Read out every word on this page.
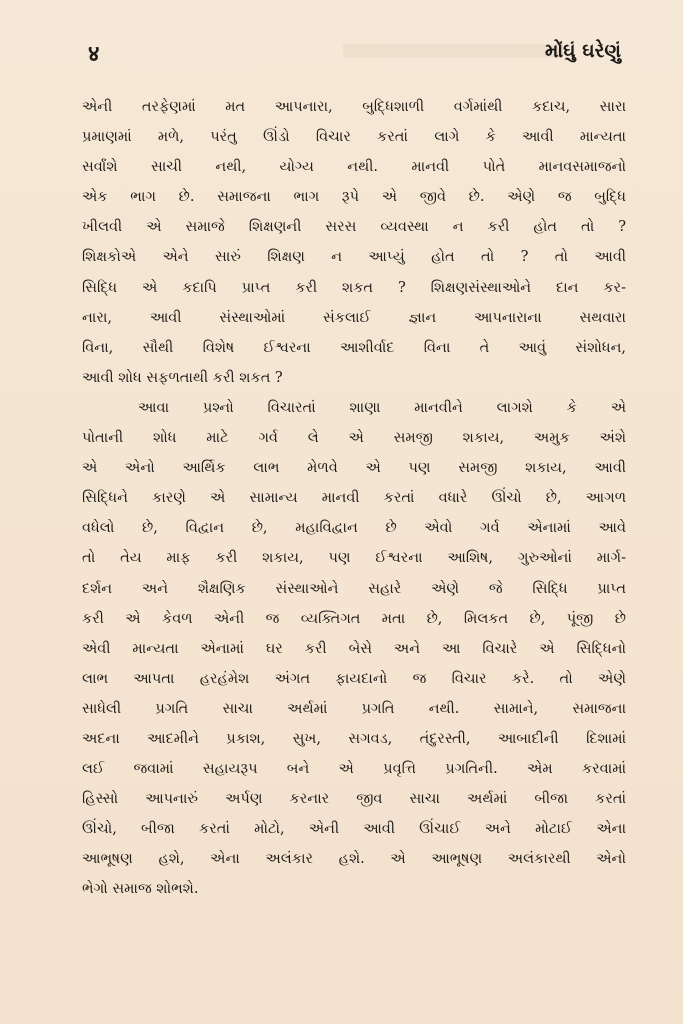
४	મોંઘું ઘરેણું
એની તરફેણમાં મત આપનારા, બુદ્ધિશાળી વર્ગમાંથી કદાચ, સારા
પ્રમાણમાં મળે, પરંતુ ઊંડો વિચાર કરતાં લાગે કે આવી માન્યતા
સર્વાંશે સાચી નથી, યોગ્ય નથી. માનવી પોતે માનવસમાજનો
એક ભાગ છે. સમાજના ભાગ રૂપે એ જીવે છે. એણે જ બુદ્ધિ
ખીલવી એ સમાજે શિક્ષણની સરસ વ્યવસ્થા ન કરી હોત તો ?
શિક્ષકોએ એને સારું શિક્ષણ ન આપ્યું હોત તો ? તો આવી
સિદ્ધિ એ કદાપિ પ્રાપ્ત કરી શકત ? શિક્ષણસંસ્થાઓને દાન કર-
નારા, આવી સંસ્થાઓમાં સંકલાઈ જ્ઞાન આપનારાના સથવારા
વિના, સૌથી વિશેષ ઈશ્વરના આશીર્વાદ વિના તે આવું સંશોધન,
આવી શોધ સફળતાથી કરી શકત ?
આવા પ્રશ્નો વિચારતાં શાણા માનવીને લાગશે કે એ
પોતાની શોધ માટે ગર્વ લે એ સમજી શકાય, અમુક અંશે
એ એનો આર્થિક લાભ મેળવે એ પણ સમજી શકાય, આવી
સિદ્ધિને કારણે એ સામાન્ય માનવી કરતાં વધારે ઊંચો છે, આગળ
વધેલો છે, વિદ્વાન છે, મહાવિદ્વાન છે એવો ગર્વ એનામાં આવે
તો તેય માફ કરી શકાય, પણ ઈશ્વરના આશિષ, ગુરુઓનાં માર્ગ-
દર્શન અને શૈક્ષણિક સંસ્થાઓને સહારે એણે જે સિદ્ધિ પ્રાપ્ત
કરી એ કેવળ એની જ વ્યક્તિગત મતા છે, મિલકત છે, પૂંજી છે
એવી માન્યતા એનામાં ઘર કરી બેસે અને આ વિચારે એ સિદ્ધિનો
લાભ આપતા હરહંમેશ અંગત ફાયદાનો જ વિચાર કરે. તો એણે
સાધેલી પ્રગતિ સાચા અર્થમાં પ્રગતિ નથી. સામાને, સમાજના
અદના આદમીને પ્રકાશ, સુખ, સગવડ, તંદુરસ્તી, આબાદીની દિશામાં
લઈ જવામાં સહાયરૂપ બને એ પ્રવૃત્તિ પ્રગતિની. એમ કરવામાં
હિસ્સો આપનારું અર્પણ કરનાર જીવ સાચા અર્થમાં બીજા કરતાં
ઊંચો, બીજા કરતાં મોટો, એની આવી ઊંચાઈ અને મોટાઈ એના
આભૂષણ હશે, એના અલંકાર હશે. એ આભૂષણ અલંકારથી એનો
ભેગો સમાજ શોભશે.
